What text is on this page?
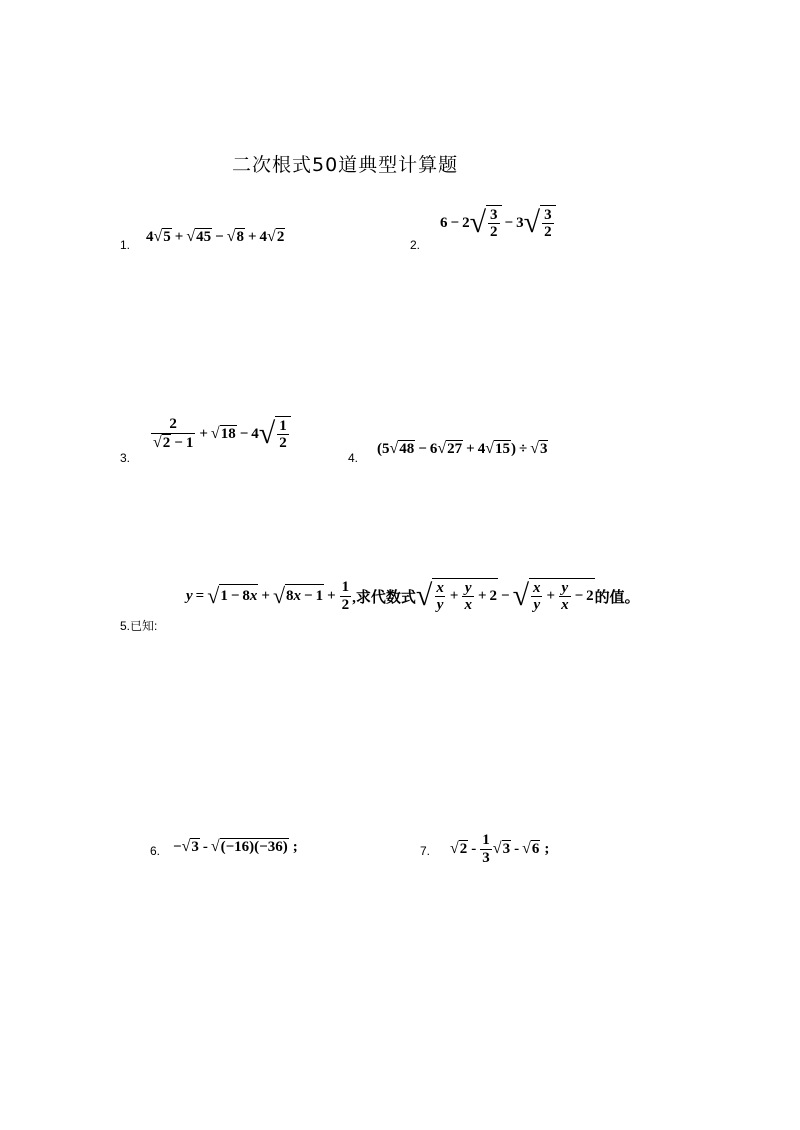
二次根式50道典型计算题
1.
4 √ 5 + √ 45 − √ 8 + 4 √ 2	2.
6 − 2 √ $\frac{3}{2} - 3$ √ $\frac{3}{2}$
3.
$\frac{2}{√ 2 - 1}$ + √ 18 − 4 √ $\frac{1}{2}$
4.
(5 √ 48 − 6 √ 27 + 4 √ 15 ) ÷ √ 3
5.已知:
y = √ 1 − 8 x + √ 8 $x - 1 + \frac{1}{2}$ ,求代数式 √ $\frac{x}{y} + \frac{y}{x} + 2$ − √ $\frac{x}{y} + \frac{y}{x} - 2$ 的值。
6. − √ 3 - √ (−16)(−36) ;	7. √ $2 - \frac{1}{3}$ √ 3 - √ 6 ;
